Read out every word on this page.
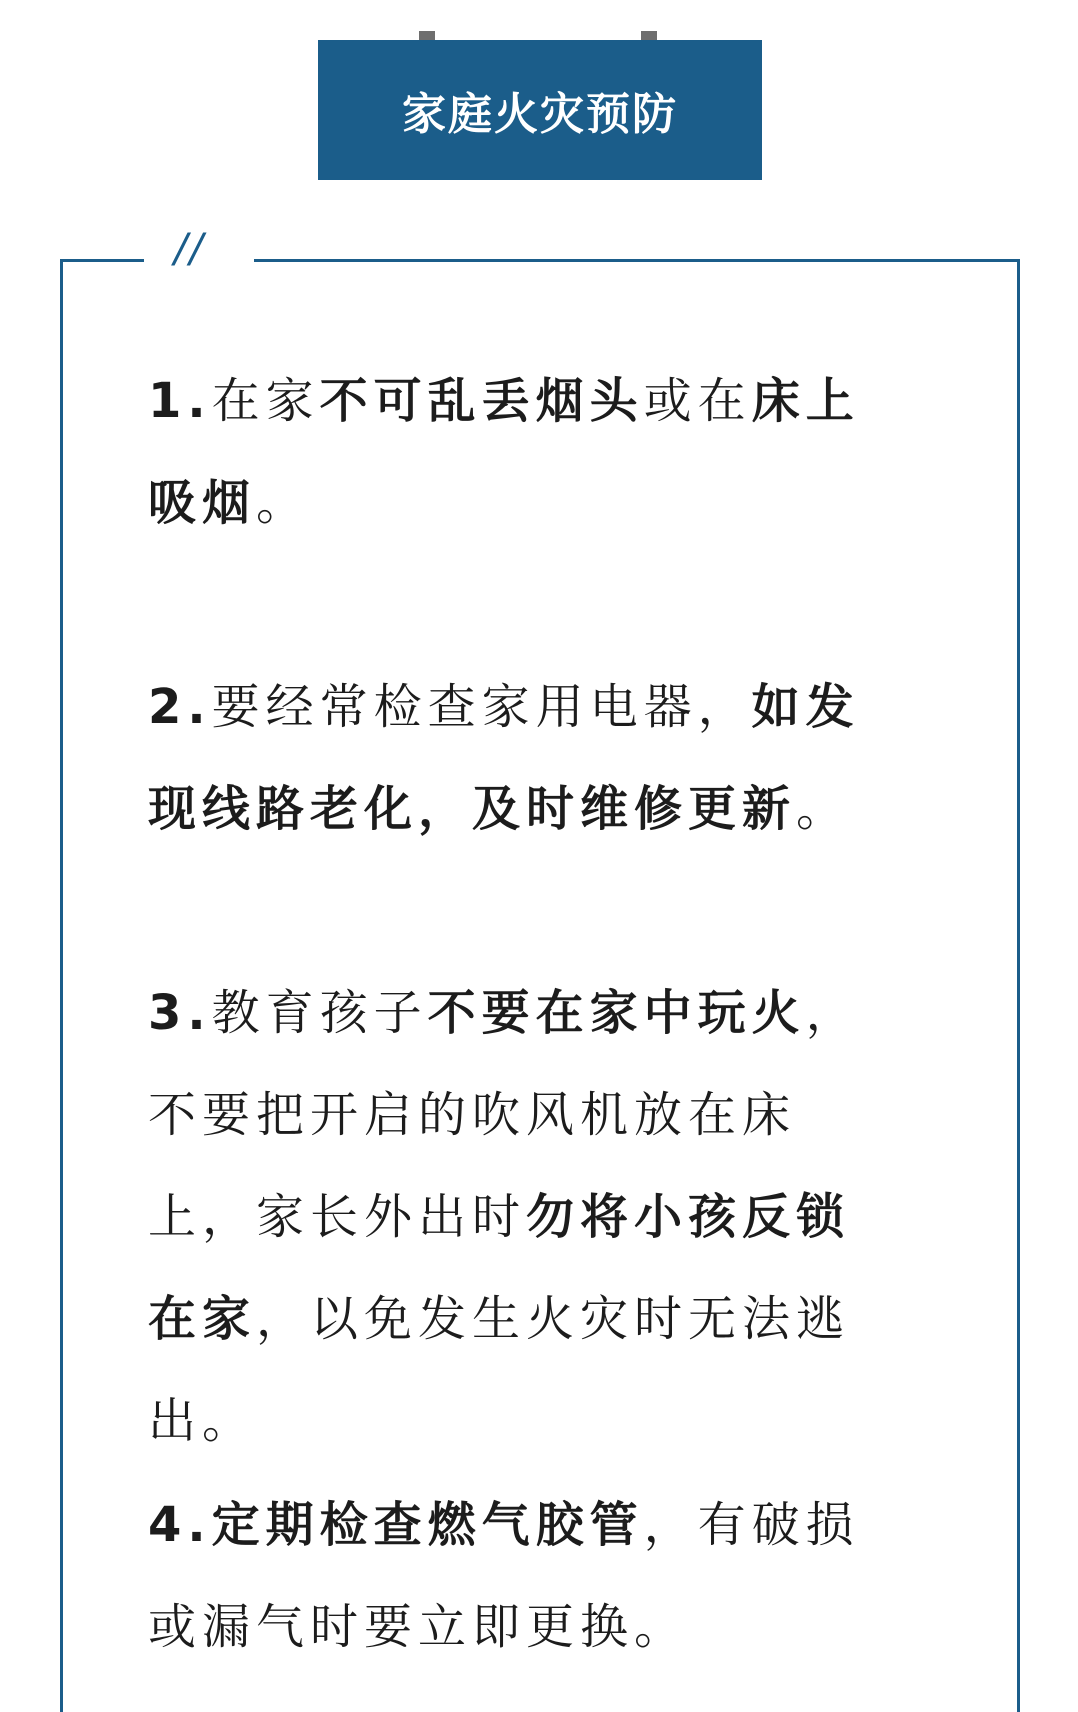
家庭火灾预防
//

1.在家不可乱丢烟头或在床上吸烟。

2.要经常检查家用电器，如发现线路老化，及时维修更新。

3.教育孩子不要在家中玩火，不要把开启的吹风机放在床上，家长外出时勿将小孩反锁在家，以免发生火灾时无法逃出。

4.定期检查燃气胶管，有破损或漏气时要立即更换。
